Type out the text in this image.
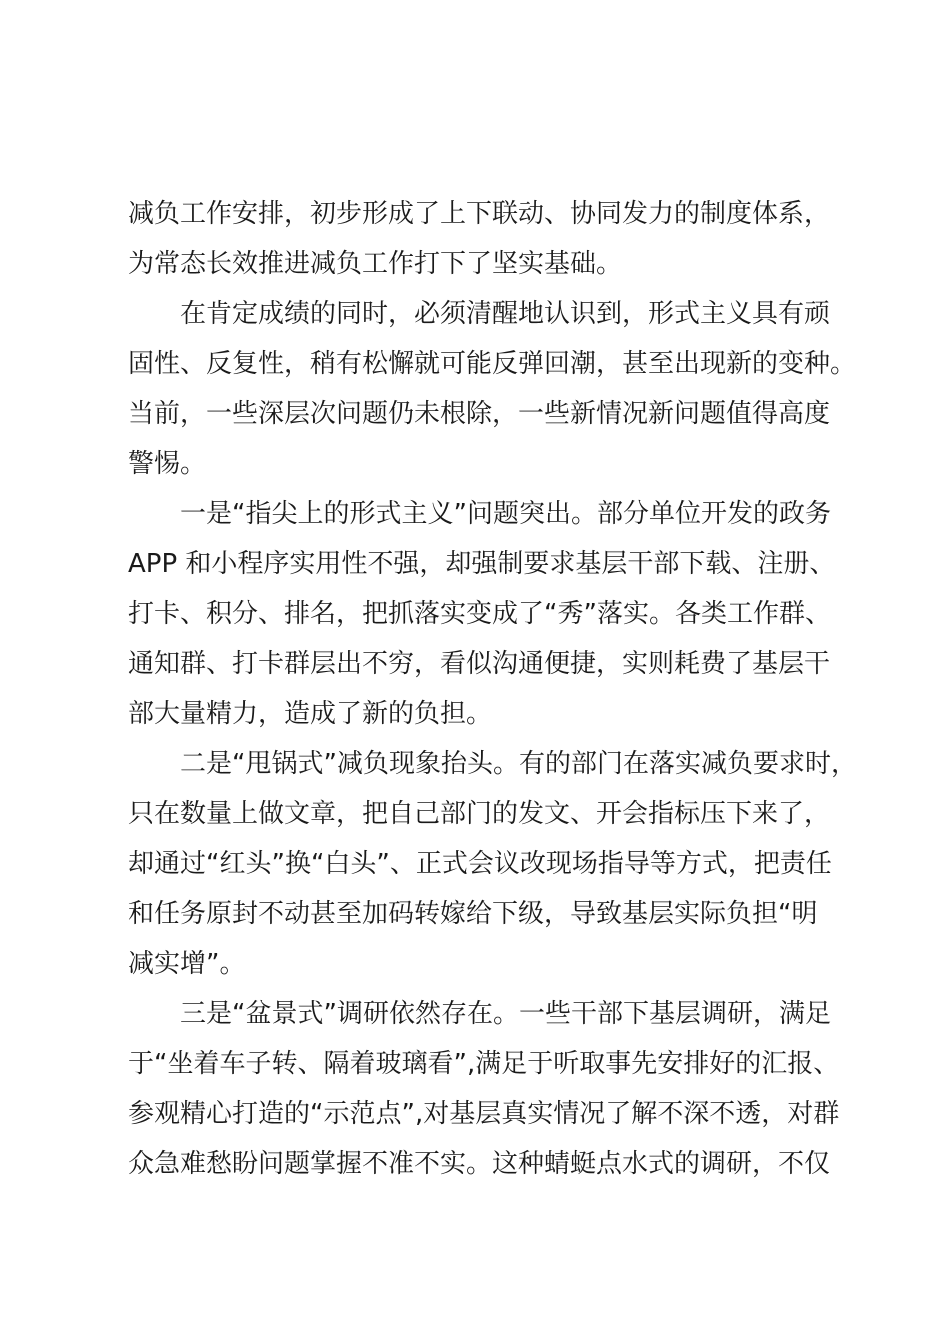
减负工作安排，初步形成了上下联动、协同发力的制度体系，
为常态长效推进减负工作打下了坚实基础。
在肯定成绩的同时，必须清醒地认识到，形式主义具有顽
固性、反复性，稍有松懈就可能反弹回潮，甚至出现新的变种。
当前，一些深层次问题仍未根除，一些新情况新问题值得高度
警惕。
一是“指尖上的形式主义”问题突出。部分单位开发的政务
APP 和小程序实用性不强，却强制要求基层干部下载、注册、
打卡、积分、排名，把抓落实变成了“秀”落实。各类工作群、
通知群、打卡群层出不穷，看似沟通便捷，实则耗费了基层干
部大量精力，造成了新的负担。
二是“甩锅式”减负现象抬头。有的部门在落实减负要求时，
只在数量上做文章，把自己部门的发文、开会指标压下来了，
却通过“红头”换“白头”、正式会议改现场指导等方式，把责任
和任务原封不动甚至加码转嫁给下级，导致基层实际负担“明
减实增”。
三是“盆景式”调研依然存在。一些干部下基层调研，满足
于“坐着车子转、隔着玻璃看”,满足于听取事先安排好的汇报、
参观精心打造的“示范点”,对基层真实情况了解不深不透，对群
众急难愁盼问题掌握不准不实。这种蜻蜓点水式的调研，不仅
